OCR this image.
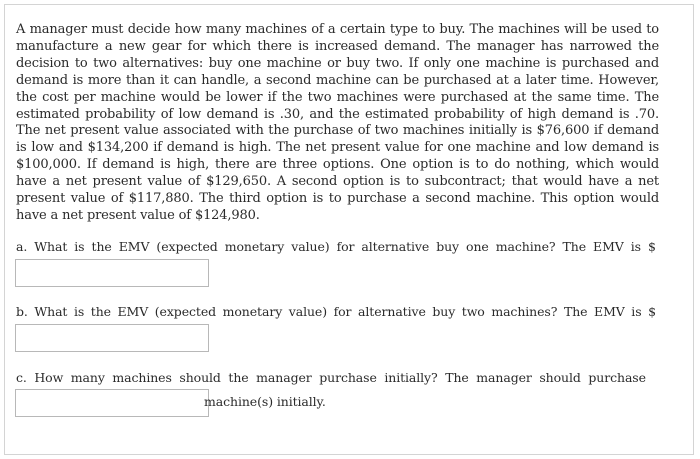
A manager must decide how many machines of a certain type to buy. The machines will be used to manufacture a new gear for which there is increased demand. The manager has narrowed the decision to two alternatives: buy one machine or buy two. If only one machine is purchased and demand is more than it can handle, a second machine can be purchased at a later time. However, the cost per machine would be lower if the two machines were purchased at the same time. The estimated probability of low demand is .30, and the estimated probability of high demand is .70. The net present value associated with the purchase of two machines initially is $76,600 if demand is low and $134,200 if demand is high. The net present value for one machine and low demand is $100,000. If demand is high, there are three options. One option is to do nothing, which would have a net present value of $129,650. A second option is to subcontract; that would have a net present value of $117,880. The third option is to purchase a second machine. This option would have a net present value of $124,980.

a. What is the EMV (expected monetary value) for alternative buy one machine? The EMV is $
b. What is the EMV (expected monetary value) for alternative buy two machines? The EMV is $
c. How many machines should the manager purchase initially? The manager should purchase
machine(s) initially.
